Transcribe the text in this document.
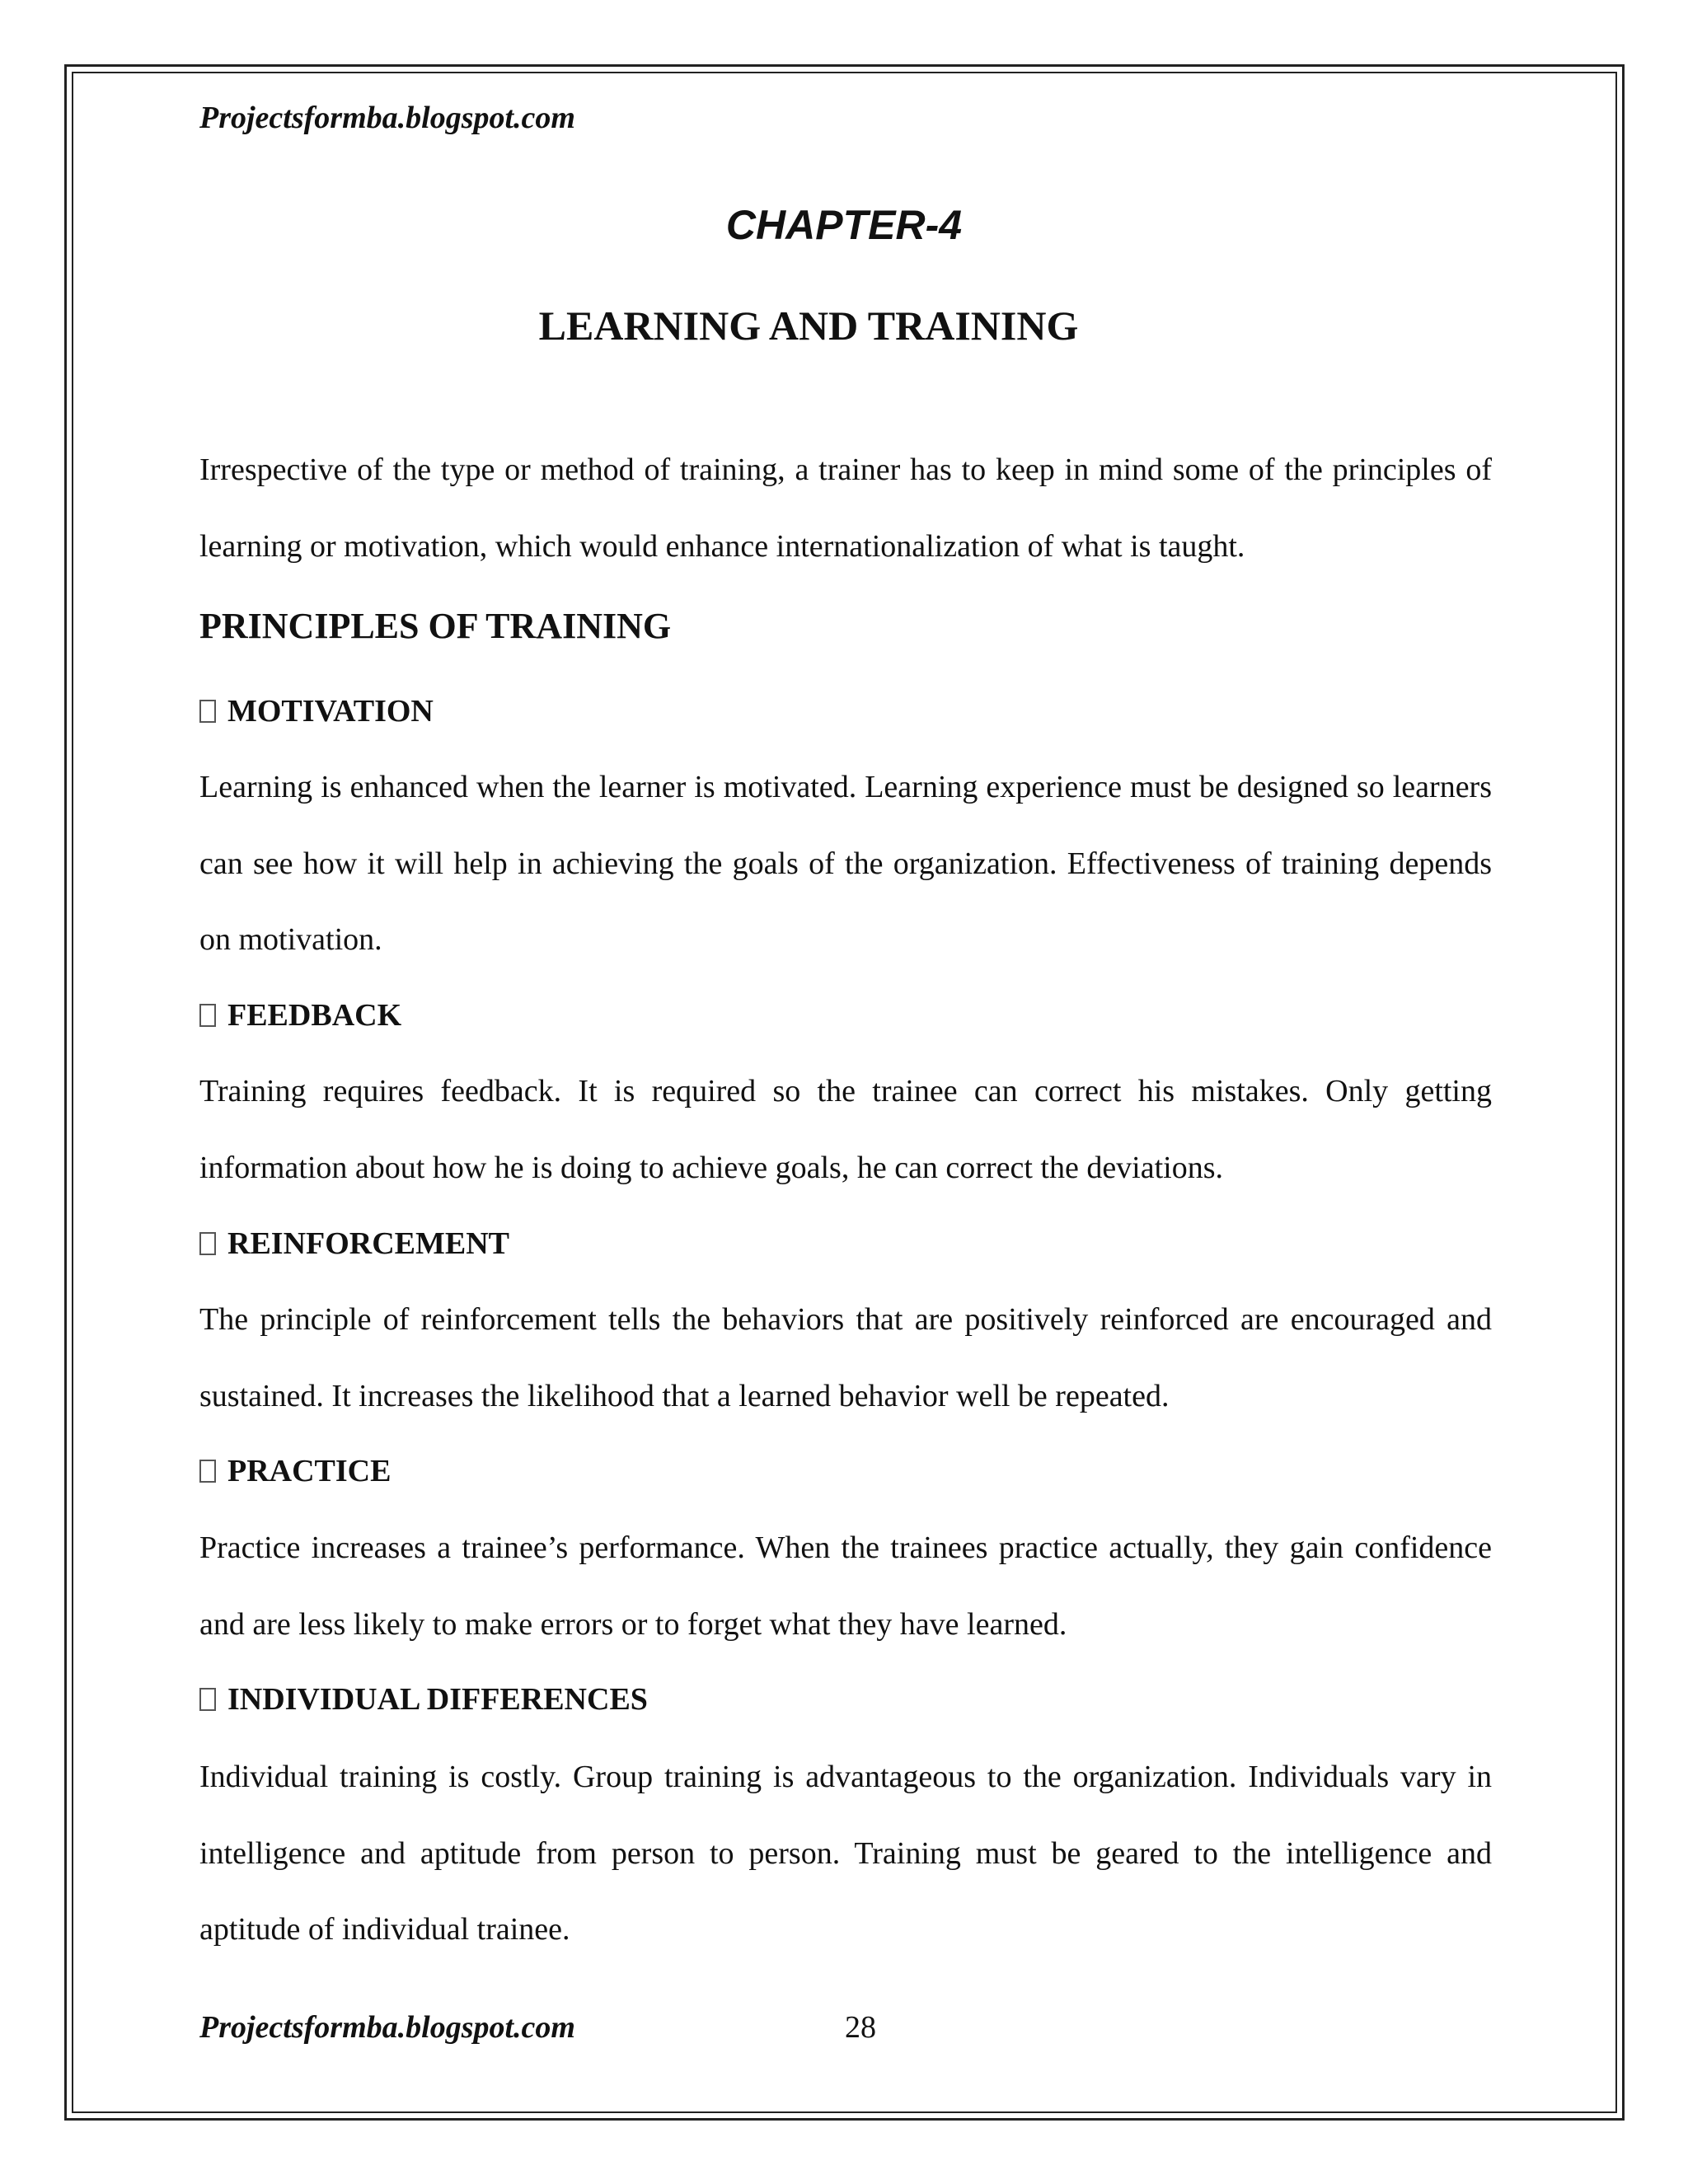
Projectsformba.blogspot.com
CHAPTER-4
LEARNING AND TRAINING

Irrespective of the type or method of training, a trainer has to keep in mind some of the principles of learning or motivation, which would enhance internationalization of what is taught.

PRINCIPLES OF TRAINING
MOTIVATION

Learning is enhanced when the learner is motivated. Learning experience must be designed so learners can see how it will help in achieving the goals of the organization. Effectiveness of training depends on motivation.

FEEDBACK

Training requires feedback. It is required so the trainee can correct his mistakes. Only getting information about how he is doing to achieve goals, he can correct the deviations.

REINFORCEMENT

The principle of reinforcement tells the behaviors that are positively reinforced are encouraged and sustained. It increases the likelihood that a learned behavior well be repeated.

PRACTICE

Practice increases a trainee’s performance. When the trainees practice actually, they gain confidence and are less likely to make errors or to forget what they have learned.

INDIVIDUAL DIFFERENCES

Individual training is costly. Group training is advantageous to the organization. Individuals vary in intelligence and aptitude from person to person. Training must be geared to the intelligence and aptitude of individual trainee.

Projectsformba.blogspot.com	28
